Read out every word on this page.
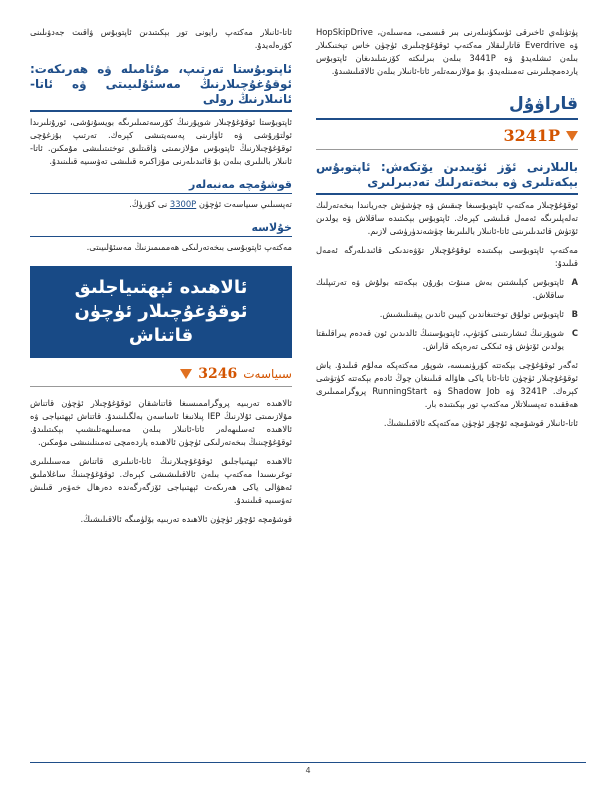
پۈتۈنلەي ئاخىرقى ئۈسكۈنىلەرنى بىر قىسمى، مەسىلەن، HopSkipDrive ۋە Everdrive قاتارلىقلار مەكتەپ ئوقۇغۇچىلىرى ئۈچۈن خاس تېخنىكىلار بىلەن ئىشلەيدۇ ۋە 3441P بىلەن بىرلىكتە كۆزىتىلىدىغان ئاپتوبۇس ياردەمچىلىرىنى تەمىنلەيدۇ. بۇ مۇلازىمەتلەر ئاتا-ئانىلار بىلەن ئالاقىلىشىدۇ.

قاراۋۇل
3241P
بالىلارنى ئۆز ئۆيىدىن يۆتكەش: ئاپتوبۇس بېكەتلىرى ۋە بىخەتەرلىك تەدبىرلىرى

ئوقۇغۇچىلار مەكتەپ ئاپتوبۇسىغا چىقىش ۋە چۈشۈش جەريانىدا بىخەتەرلىك تەلەپلىرىگە ئەمەل قىلىشى كېرەك. ئاپتوبۇس بېكىتىدە ساقلاش ۋە يولدىن ئۆتۈش قائىدىلىرىنى ئاتا-ئانىلار بالىلىرىغا چۈشەندۈرۈشى لازىم.

مەكتەپ ئاپتوبۇسى بېكىتىدە ئوقۇغۇچىلار تۆۋەندىكى قائىدىلەرگە ئەمەل قىلىدۇ:

A
ئاپتوبۇس كېلىشتىن بەش مىنۇت بۇرۇن بېكەتتە بولۇش ۋە تەرتىپلىك ساقلاش.
B
ئاپتوبۇس تولۇق توختىغاندىن كېيىن ئاندىن يېقىنلىشىش.
C
شوپۇرنىڭ ئىشارىتىنى كۈتۈپ، ئاپتوبۇسنىڭ ئالدىدىن ئون قەدەم يىراقلىقتا يولدىن ئۆتۈش ۋە ئىككى تەرەپكە قاراش.

ئەگەر ئوقۇغۇچى بېكەتتە كۆرۈنمىسە، شوپۇر مەكتەپكە مەلۇم قىلىدۇ. ياش ئوقۇغۇچىلار ئۈچۈن ئاتا-ئانا ياكى ھاۋالە قىلىنغان چوڭ ئادەم بېكەتتە كۈتۈشى كېرەك. 3241P ۋە Shadow Job ۋە RunningStart پروگراممىلىرى ھەققىدە تەپسىلاتلار مەكتەپ تور بېكىتىدە بار.

ئاتا-ئانىلار قوشۇمچە ئۇچۇر ئۈچۈن مەكتەپكە ئالاقىلىشىڭ.

ئاتا-ئانىلار مەكتەپ رايونى تور بېكىتىدىن ئاپتوبۇس ۋاقىت جەدۋىلىنى كۆرەلەيدۇ.

ئاپتوبۇستا تەرتىپ، مۇئامىلە ۋە ھەرىكەت: ئوقۇغۇچىلارنىڭ مەسئۇلىيىتى ۋە ئاتا-ئانىلارنىڭ رولى

ئاپتوبۇستا ئوقۇغۇچىلار شوپۇرنىڭ كۆرسەتمىلىرىگە بويسۇنۇشى، ئورۇنلىرىدا ئولتۇرۇشى ۋە ئاۋازىنى پەسەيتىشى كېرەك. تەرتىپ بۇزغۇچى ئوقۇغۇچىلارنىڭ ئاپتوبۇس مۇلازىمىتى ۋاقىتلىق توختىتىلىشى مۇمكىن. ئاتا-ئانىلار بالىلىرى بىلەن بۇ قائىدىلەرنى مۇزاكىرە قىلىشى تەۋسىيە قىلىنىدۇ.

قوشۇمچە مەنبەلەر

تەپسىلىي سىياسەت ئۈچۈن 3300P نى كۆرۈڭ.

خۇلاسە

مەكتەپ ئاپتوبۇسى بىخەتەرلىكى ھەممىمىزنىڭ مەسئۇلىيىتى.

ئالاھىدە ئېھتىياجلىق ئوقۇغۇچىلار ئۈچۈن قاتناش
سىياسەت
3246

ئالاھىدە تەربىيە پروگراممىسىغا قاتناشقان ئوقۇغۇچىلار ئۈچۈن قاتناش مۇلازىمىتى ئۇلارنىڭ IEP پىلانىغا ئاساسەن بەلگىلىنىدۇ. قاتناش ئېھتىياجى ۋە ئالاھىدە ئەسلىھەلەر ئاتا-ئانىلار بىلەن مەسلىھەتلىشىپ بېكىتىلىدۇ. ئوقۇغۇچىنىڭ بىخەتەرلىكى ئۈچۈن ئالاھىدە ياردەمچى تەمىنلىنىشى مۇمكىن.

ئالاھىدە ئېھتىياجلىق ئوقۇغۇچىلارنىڭ ئاتا-ئانىلىرى قاتناش مەسىلىلىرى توغرىسىدا مەكتەپ بىلەن ئالاقىلىشىشى كېرەك. ئوقۇغۇچىنىڭ ساغلاملىق ئەھۋالى ياكى ھەرىكەت ئېھتىياجى ئۆزگەرگەندە دەرھال خەۋەر قىلىش تەۋسىيە قىلىنىدۇ.

قوشۇمچە ئۇچۇر ئۈچۈن ئالاھىدە تەربىيە بۆلۈمىگە ئالاقىلىشىڭ.

4
